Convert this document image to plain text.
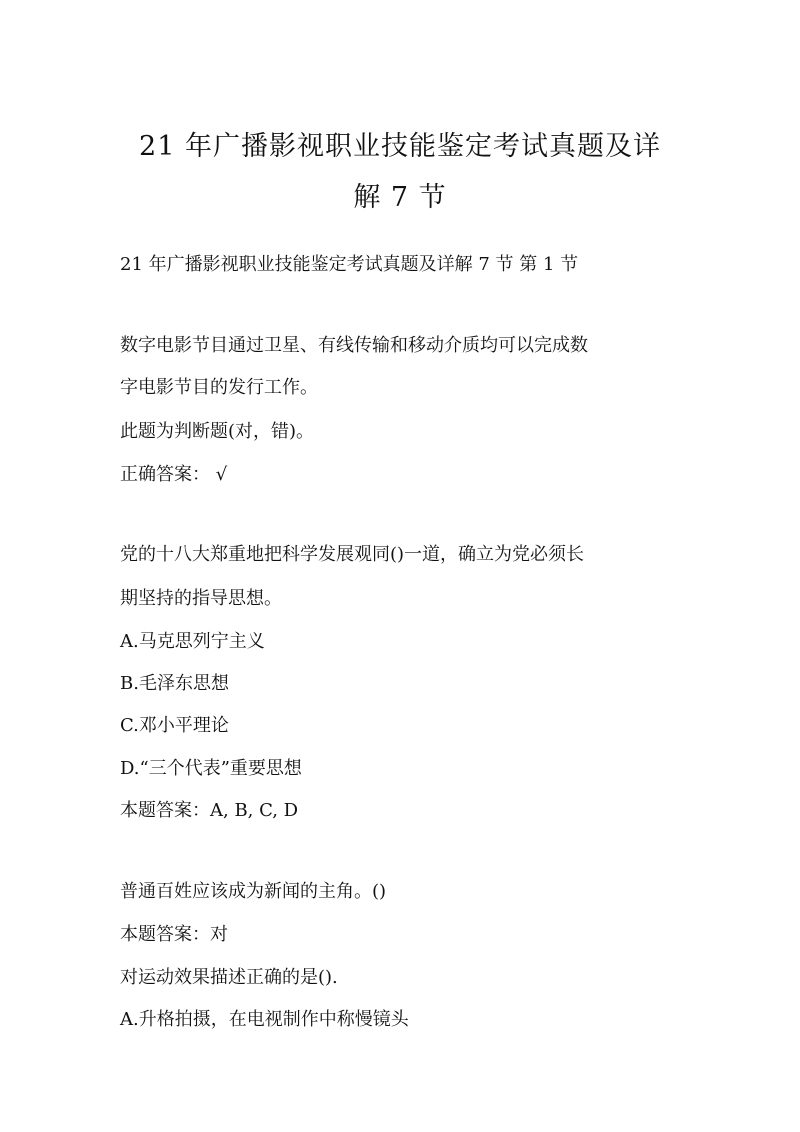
21 年广播影视职业技能鉴定考试真题及详
解 7 节
21 年广播影视职业技能鉴定考试真题及详解 7 节 第 1 节
数字电影节目通过卫星、有线传输和移动介质均可以完成数
字电影节目的发行工作。
此题为判断题(对，错)。
正确答案： √
党的十八大郑重地把科学发展观同()一道，确立为党必须长
期坚持的指导思想。
A.马克思列宁主义
B.毛泽东思想
C.邓小平理论
D.“三个代表”重要思想
本题答案：A, B, C, D
普通百姓应该成为新闻的主角。()
本题答案：对
对运动效果描述正确的是().
A.升格拍摄，在电视制作中称慢镜头
